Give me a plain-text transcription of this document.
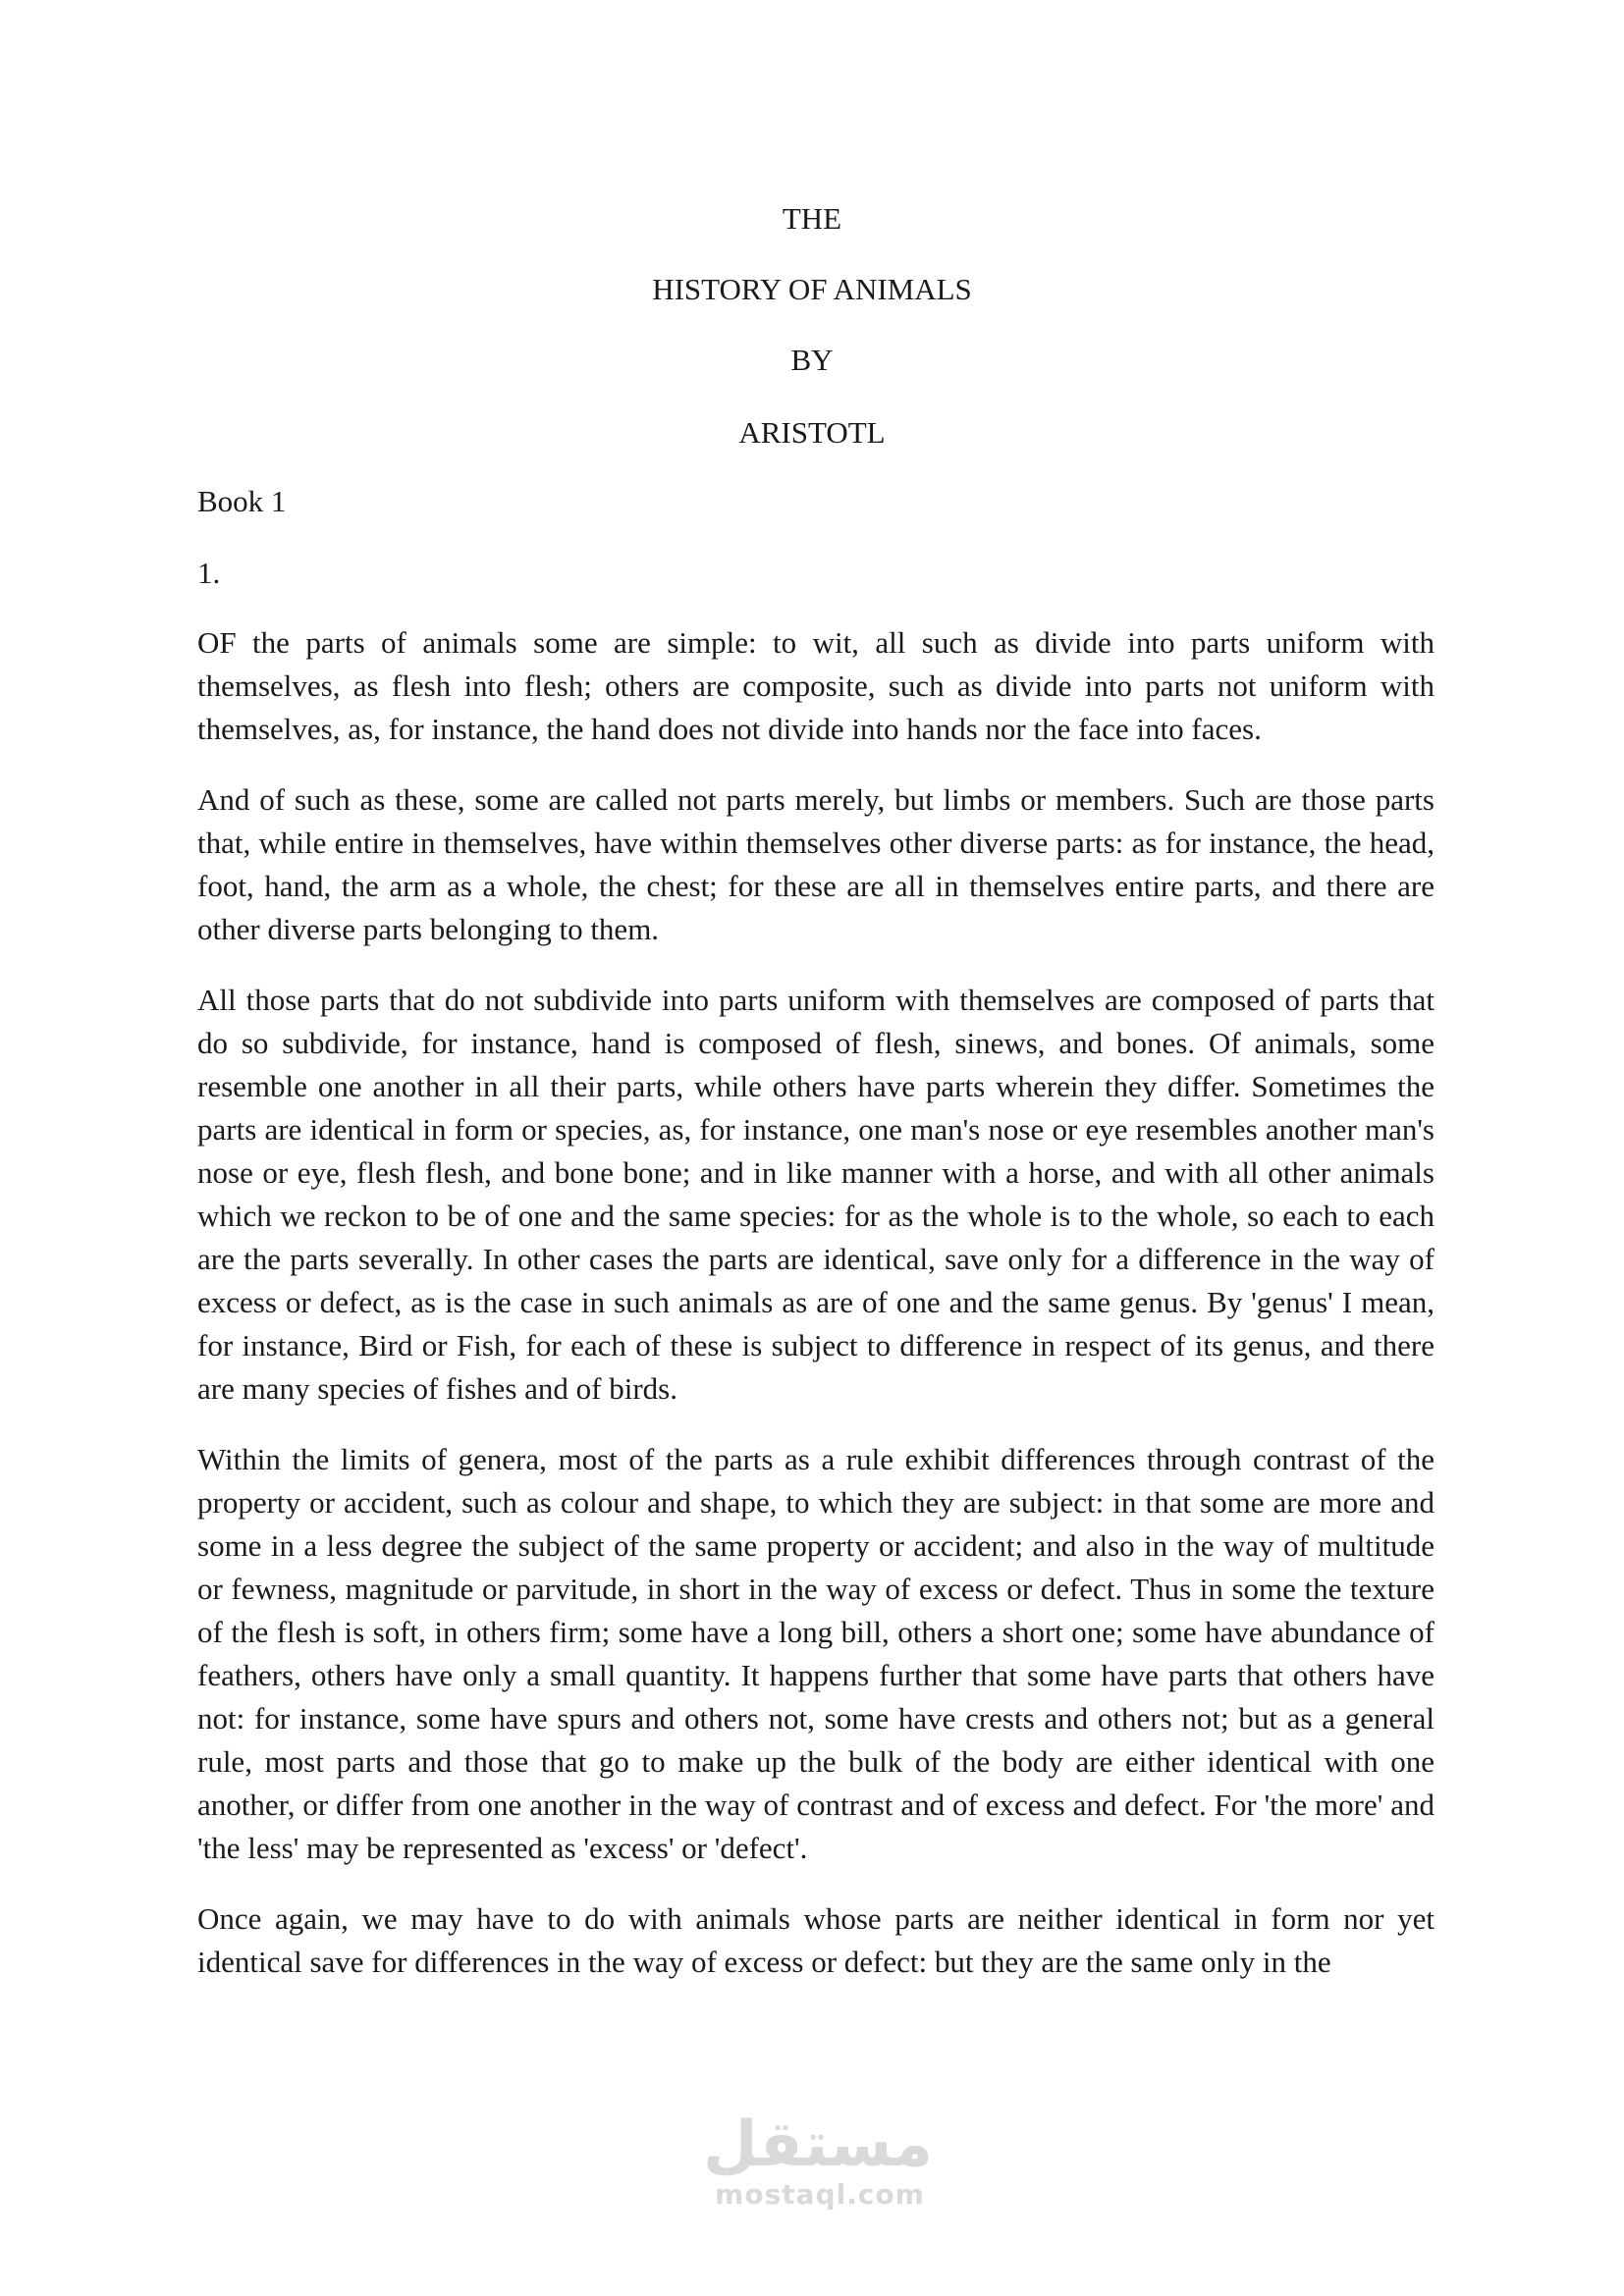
THE
HISTORY OF ANIMALS
BY
ARISTOTL
Book 1
1.

OF the parts of animals some are simple: to wit, all such as divide into parts uniform with themselves, as flesh into flesh; others are composite, such as divide into parts not uniform with themselves, as, for instance, the hand does not divide into hands nor the face into faces.

And of such as these, some are called not parts merely, but limbs or members. Such are those parts that, while entire in themselves, have within themselves other diverse parts: as for instance, the head, foot, hand, the arm as a whole, the chest; for these are all in themselves entire parts, and there are other diverse parts belonging to them.

All those parts that do not subdivide into parts uniform with themselves are composed of parts that do so subdivide, for instance, hand is composed of flesh, sinews, and bones. Of animals, some resemble one another in all their parts, while others have parts wherein they differ. Sometimes the parts are identical in form or species, as, for instance, one man's nose or eye resembles another man's nose or eye, flesh flesh, and bone bone; and in like manner with a horse, and with all other animals which we reckon to be of one and the same species: for as the whole is to the whole, so each to each are the parts severally. In other cases the parts are identical, save only for a difference in the way of excess or defect, as is the case in such animals as are of one and the same genus. By 'genus' I mean, for instance, Bird or Fish, for each of these is subject to difference in respect of its genus, and there are many species of fishes and of birds.

Within the limits of genera, most of the parts as a rule exhibit differences through contrast of the property or accident, such as colour and shape, to which they are subject: in that some are more and some in a less degree the subject of the same property or accident; and also in the way of multitude or fewness, magnitude or parvitude, in short in the way of excess or defect. Thus in some the texture of the flesh is soft, in others firm; some have a long bill, others a short one; some have abundance of feathers, others have only a small quantity. It happens further that some have parts that others have not: for instance, some have spurs and others not, some have crests and others not; but as a general rule, most parts and those that go to make up the bulk of the body are either identical with one another, or differ from one another in the way of contrast and of excess and defect. For 'the more' and 'the less' may be represented as 'excess' or 'defect'.

Once again, we may have to do with animals whose parts are neither identical in form nor yet identical save for differences in the way of excess or defect: but they are the same only in the

مستقل
mostaql.com
